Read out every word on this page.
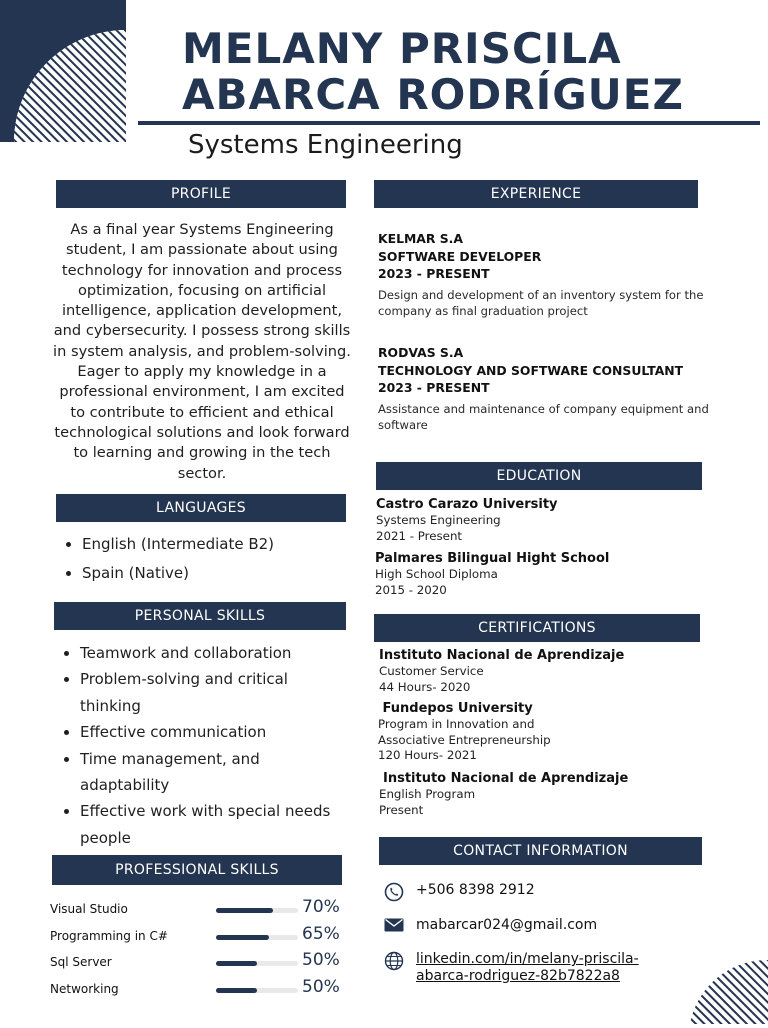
MELANY PRISCILA
ABARCA RODRÍGUEZ
Systems Engineering
PROFILE
As a final year Systems Engineering student, I am passionate about using technology for innovation and process optimization, focusing on artificial intelligence, application development, and cybersecurity. I possess strong skills in system analysis, and problem-solving. Eager to apply my knowledge in a professional environment, I am excited to contribute to efficient and ethical technological solutions and look forward to learning and growing in the tech sector.
LANGUAGES
• English (Intermediate B2)
• Spain (Native)
PERSONAL SKILLS
• Teamwork and collaboration
• Problem-solving and critical thinking
• Effective communication
• Time management, and adaptability
• Effective work with special needs people
PROFESSIONAL SKILLS
Visual Studio	70%
Programming in C#	65%
Sql Server	50%
Networking	50%
EXPERIENCE
KELMAR S.A
SOFTWARE DEVELOPER
2023 - PRESENT
Design and development of an inventory system for the company as final graduation project
RODVAS S.A
TECHNOLOGY AND SOFTWARE CONSULTANT
2023 - PRESENT
Assistance and maintenance of company equipment and software
EDUCATION
Castro Carazo University
Systems Engineering
2021 - Present
Palmares Bilingual Hight School
High School Diploma
2015 - 2020
CERTIFICATIONS
Instituto Nacional de Aprendizaje
Customer Service
44 Hours- 2020
Fundepos University
Program in Innovation and
Associative Entrepreneurship
120 Hours- 2021
Instituto Nacional de Aprendizaje
English Program
Present
CONTACT INFORMATION
+506 8398 2912
mabarcar024@gmail.com
linkedin.com/in/melany-priscila-
abarca-rodriguez-82b7822a8
